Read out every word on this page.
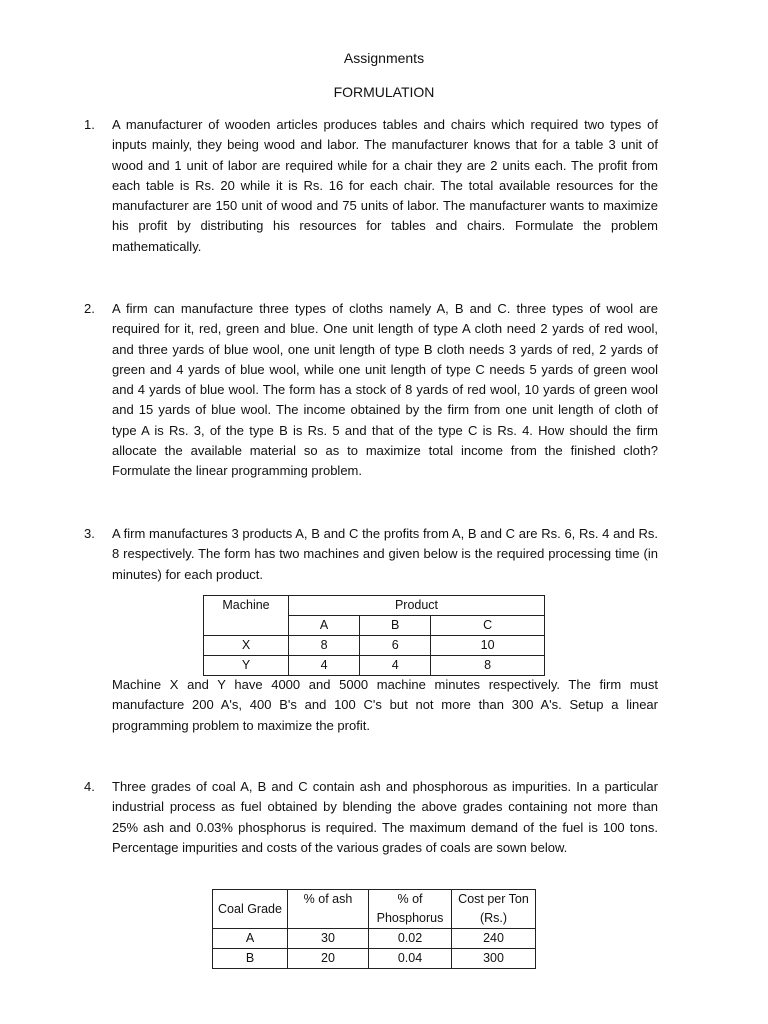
Assignments
FORMULATION
1. A manufacturer of wooden articles produces tables and chairs which required two types of inputs mainly, they being wood and labor. The manufacturer knows that for a table 3 unit of wood and 1 unit of labor are required while for a chair they are 2 units each. The profit from each table is Rs. 20 while it is Rs. 16 for each chair. The total available resources for the manufacturer are 150 unit of wood and 75 units of labor. The manufacturer wants to maximize his profit by distributing his resources for tables and chairs. Formulate the problem mathematically.
2. A firm can manufacture three types of cloths namely A, B and C. three types of wool are required for it, red, green and blue. One unit length of type A cloth need 2 yards of red wool, and three yards of blue wool, one unit length of type B cloth needs 3 yards of red, 2 yards of green and 4 yards of blue wool, while one unit length of type C needs 5 yards of green wool and 4 yards of blue wool. The form has a stock of 8 yards of red wool, 10 yards of green wool and 15 yards of blue wool. The income obtained by the firm from one unit length of cloth of type A is Rs. 3, of the type B is Rs. 5 and that of the type C is Rs. 4. How should the firm allocate the available material so as to maximize total income from the finished cloth? Formulate the linear programming problem.
3. A firm manufactures 3 products A, B and C the profits from A, B and C are Rs. 6, Rs. 4 and Rs. 8 respectively. The form has two machines and given below is the required processing time (in minutes) for each product.
Machine	Product		
	A	B	C
X	8	6	10
Y	4	4	8
Machine X and Y have 4000 and 5000 machine minutes respectively. The firm must manufacture 200 A's, 400 B's and 100 C's but not more than 300 A's. Setup a linear programming problem to maximize the profit.
4. Three grades of coal A, B and C contain ash and phosphorous as impurities. In a particular industrial process as fuel obtained by blending the above grades containing not more than 25% ash and 0.03% phosphorus is required. The maximum demand of the fuel is 100 tons. Percentage impurities and costs of the various grades of coals are sown below.
Coal Grade	% of ash	% of Phosphorus	Cost per Ton (Rs.)
A	30	0.02	240
B	20	0.04	300
